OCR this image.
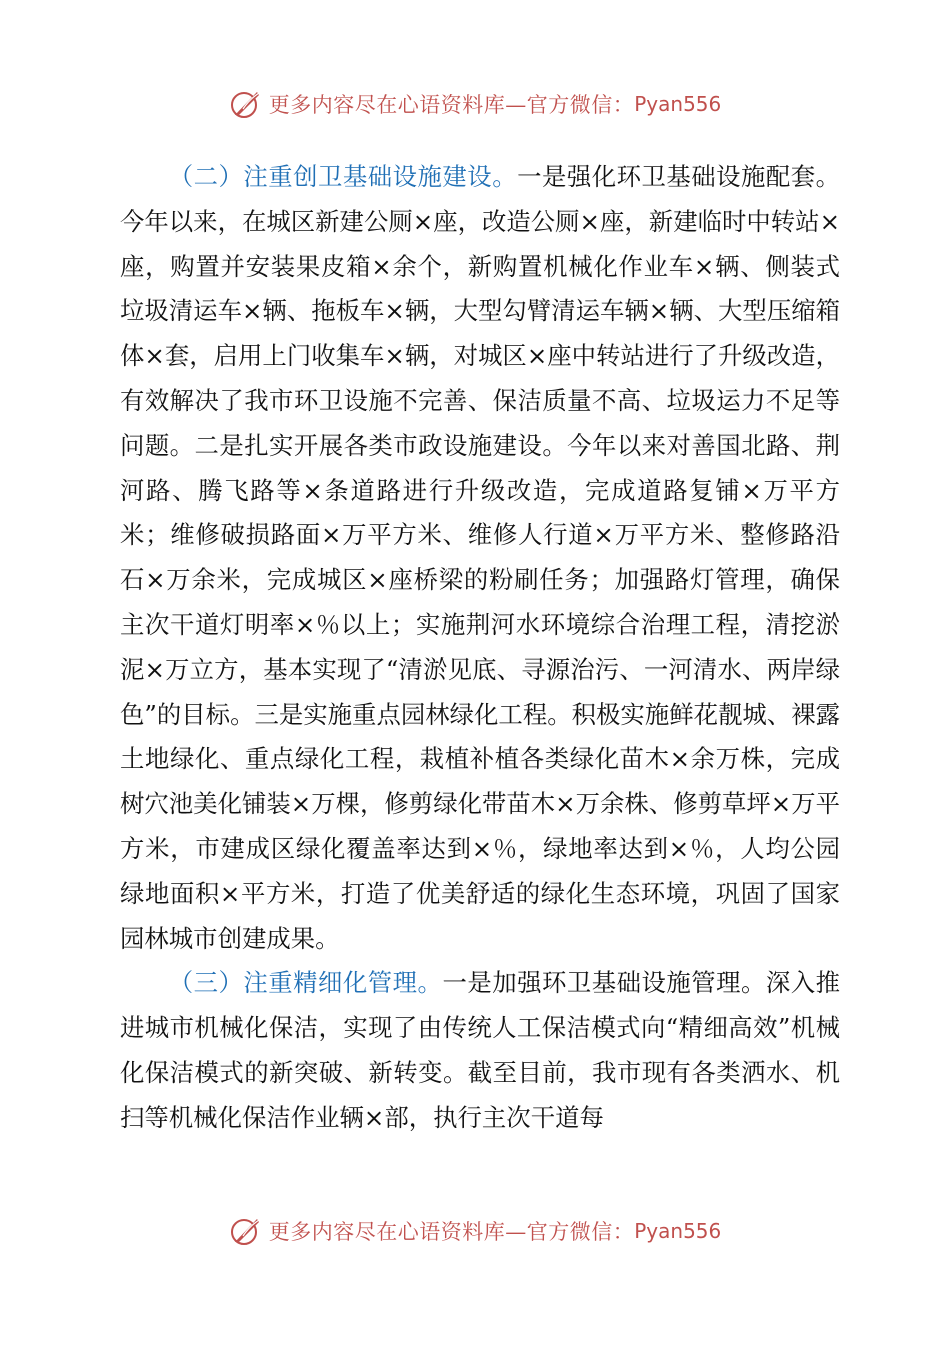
更多内容尽在心语资料库—官方微信： Pyan556

（二）注重创卫基础设施建设。一是强化环卫基础设施配套。今年以来，在城区新建公厕×座，改造公厕×座，新建临时中转站×座，购置并安装果皮箱×余个，新购置机械化作业车×辆、侧装式垃圾清运车×辆、拖板车×辆，大型勾臂清运车辆×辆、大型压缩箱体×套，启用上门收集车×辆，对城区×座中转站进行了升级改造，有效解决了我市环卫设施不完善、保洁质量不高、垃圾运力不足等问题。二是扎实开展各类市政设施建设。今年以来对善国北路、荆河路、腾飞路等×条道路进行升级改造，完成道路复铺×万平方米；维修破损路面×万平方米、维修人行道×万平方米、整修路沿石×万余米，完成城区×座桥梁的粉刷任务；加强路灯管理，确保主次干道灯明率×％以上；实施荆河水环境综合治理工程，清挖淤泥×万立方，基本实现了“清淤见底、寻源治污、一河清水、两岸绿色”的目标。三是实施重点园林绿化工程。积极实施鲜花靓城、裸露土地绿化、重点绿化工程，栽植补植各类绿化苗木×余万株，完成树穴池美化铺装×万棵，修剪绿化带苗木×万余株、修剪草坪×万平方米，市建成区绿化覆盖率达到×％，绿地率达到×％，人均公园绿地面积×平方米，打造了优美舒适的绿化生态环境，巩固了国家园林城市创建成果。

（三）注重精细化管理。一是加强环卫基础设施管理。深入推进城市机械化保洁，实现了由传统人工保洁模式向“精细高效”机械化保洁模式的新突破、新转变。截至目前，我市现有各类洒水、机扫等机械化保洁作业辆×部，执行主次干道每

更多内容尽在心语资料库—官方微信： Pyan556
